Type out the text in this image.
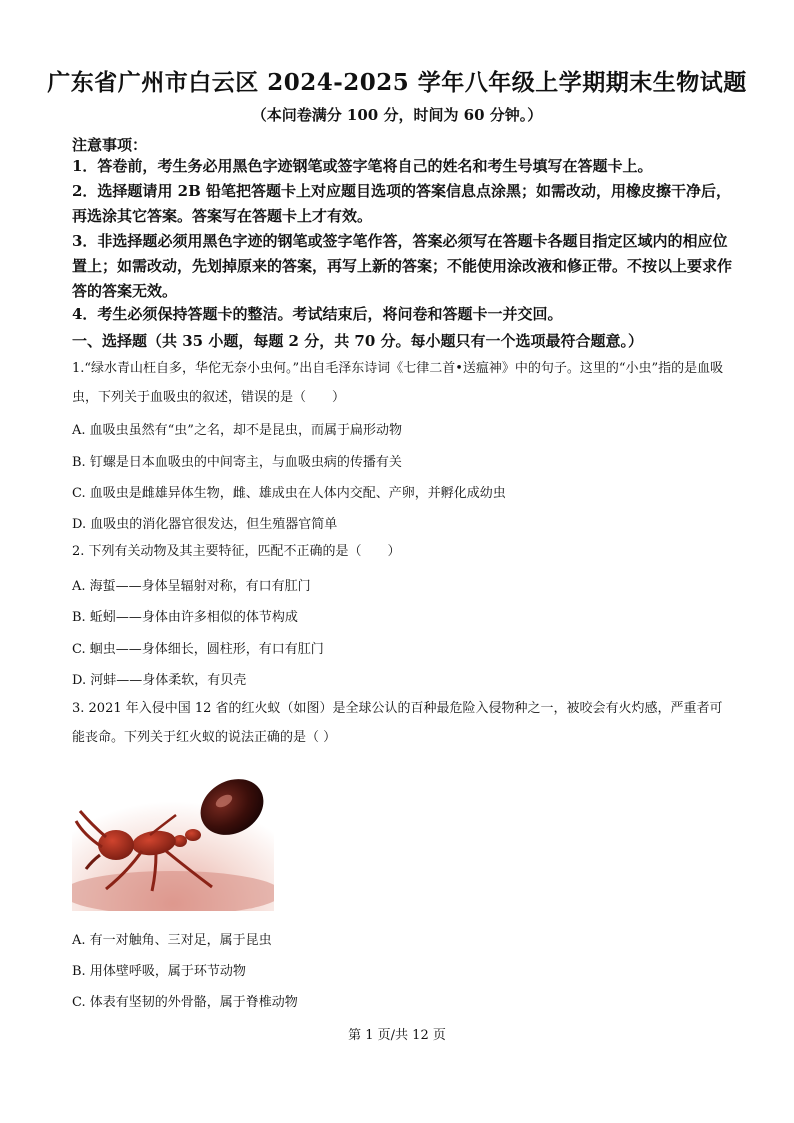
广东省广州市白云区 2024-2025 学年八年级上学期期末生物试题
（本问卷满分 100 分，时间为 60 分钟。）
注意事项：
1．答卷前，考生务必用黑色字迹钢笔或签字笔将自己的姓名和考生号填写在答题卡上。
2．选择题请用 2B 铅笔把答题卡上对应题目选项的答案信息点涂黑；如需改动，用橡皮擦干净后，再选涂其它答案。答案写在答题卡上才有效。
3．非选择题必须用黑色字迹的钢笔或签字笔作答，答案必须写在答题卡各题目指定区域内的相应位置上；如需改动，先划掉原来的答案，再写上新的答案；不能使用涂改液和修正带。不按以上要求作答的答案无效。
4．考生必须保持答题卡的整洁。考试结束后，将问卷和答题卡一并交回。
一、选择题（共 35 小题，每题 2 分，共 70 分。每小题只有一个选项最符合题意。）
1.“绿水青山枉自多，华佗无奈小虫何。”出自毛泽东诗词《七律二首•送瘟神》中的句子。这里的“小虫”指的是血吸虫，下列关于血吸虫的叙述，错误的是（　　）
A. 血吸虫虽然有“虫”之名，却不是昆虫，而属于扁形动物
B. 钉螺是日本血吸虫的中间寄主，与血吸虫病的传播有关
C. 血吸虫是雌雄异体生物，雌、雄成虫在人体内交配、产卵，并孵化成幼虫
D. 血吸虫的消化器官很发达，但生殖器官简单
2. 下列有关动物及其主要特征，匹配不正确的是（　　）
A. 海蜇——身体呈辐射对称，有口有肛门
B. 蚯蚓——身体由许多相似的体节构成
C. 蛔虫——身体细长，圆柱形，有口有肛门
D. 河蚌——身体柔软，有贝壳
3. 2021 年入侵中国 12 省的红火蚁（如图）是全球公认的百种最危险入侵物种之一，被咬会有火灼感，严重者可能丧命。下列关于红火蚁的说法正确的是（ ）
A. 有一对触角、三对足，属于昆虫
B. 用体壁呼吸，属于环节动物
C. 体表有坚韧的外骨骼，属于脊椎动物
第 1 页/共 12 页
